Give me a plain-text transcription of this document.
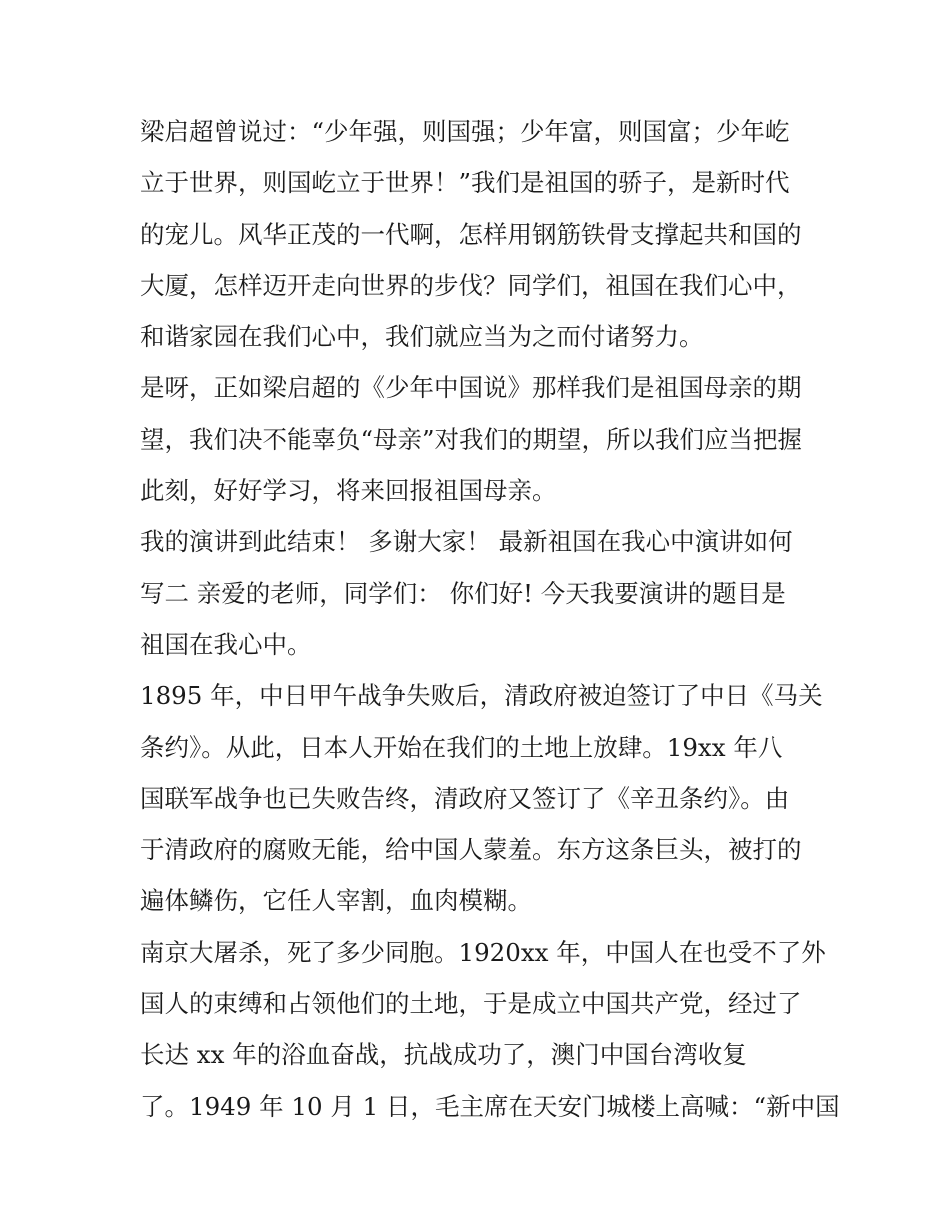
梁启超曾说过：“少年强，则国强；少年富，则国富；少年屹
立于世界，则国屹立于世界！”我们是祖国的骄子，是新时代
的宠儿。风华正茂的一代啊，怎样用钢筋铁骨支撑起共和国的
大厦，怎样迈开走向世界的步伐？同学们，祖国在我们心中，
和谐家园在我们心中，我们就应当为之而付诸努力。
是呀，正如梁启超的《少年中国说》那样我们是祖国母亲的期
望，我们决不能辜负“母亲”对我们的期望，所以我们应当把握
此刻，好好学习，将来回报祖国母亲。
我的演讲到此结束！ 多谢大家！ 最新祖国在我心中演讲如何
写二 亲爱的老师，同学们： 你们好! 今天我要演讲的题目是
祖国在我心中。
1895 年，中日甲午战争失败后，清政府被迫签订了中日《马关
条约》。从此，日本人开始在我们的土地上放肆。19xx 年八
国联军战争也已失败告终，清政府又签订了《辛丑条约》。由
于清政府的腐败无能，给中国人蒙羞。东方这条巨头，被打的
遍体鳞伤，它任人宰割，血肉模糊。
南京大屠杀，死了多少同胞。1920xx 年，中国人在也受不了外
国人的束缚和占领他们的土地，于是成立中国共产党，经过了
长达 xx 年的浴血奋战，抗战成功了，澳门中国台湾收复
了。1949 年 10 月 1 日，毛主席在天安门城楼上高喊：“新中国
